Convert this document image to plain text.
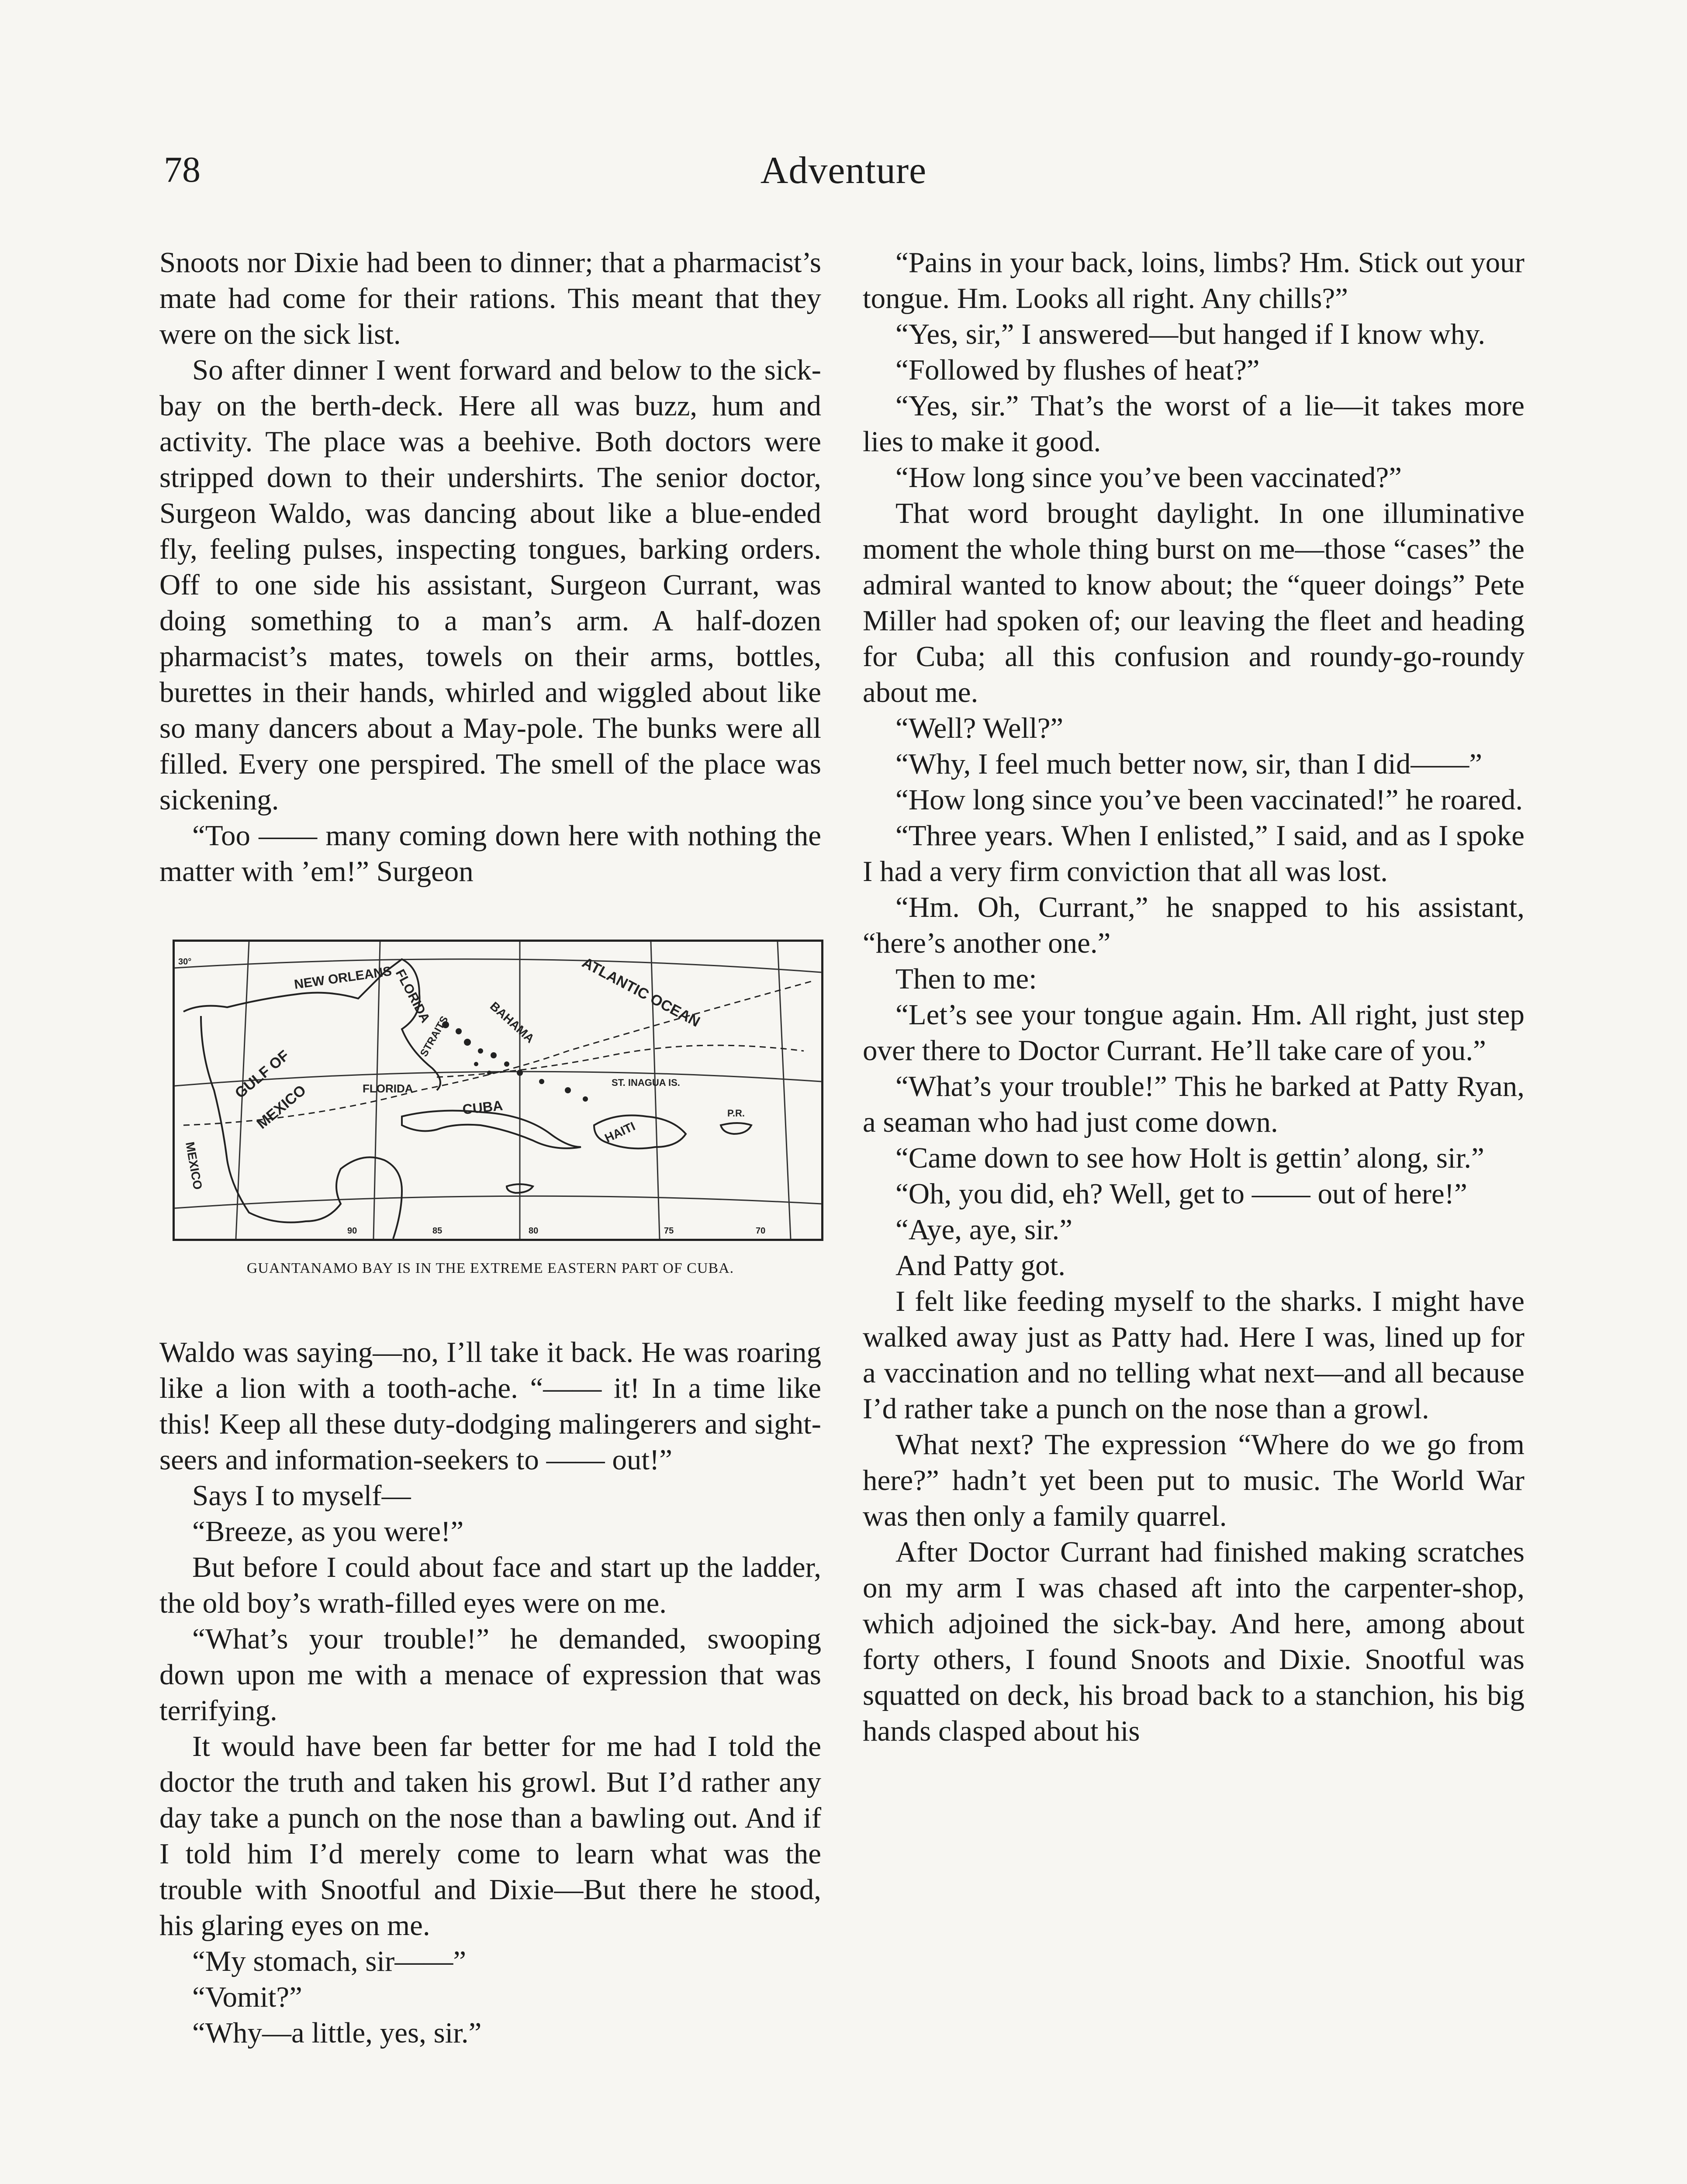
78	Adventure

Snoots nor Dixie had been to dinner; that a pharmacist’s mate had come for their rations. This meant that they were on the sick list.

So after dinner I went forward and below to the sick-bay on the berth-deck. Here all was buzz, hum and activity. The place was a beehive. Both doctors were stripped down to their undershirts. The senior doctor, Surgeon Waldo, was dancing about like a blue-ended fly, feeling pulses, inspecting tongues, barking orders. Off to one side his assistant, Surgeon Currant, was doing something to a man’s arm. A half-dozen pharmacist’s mates, towels on their arms, bottles, burettes in their hands, whirled and wiggled about like so many dancers about a May-pole. The bunks were all filled. Every one perspired. The smell of the place was sickening.

“Too —— many coming down here with nothing the matter with ’em!” Surgeon

NEW ORLEANS FLORIDA	ATLANTIC OCEAN
BAHAMA
STRAITS
GULF OF
MEXICO
MEXICO
FLORIDA
CUBA
HAITI
ST. INAGUA IS.
P.R.
30°
90	85	80	75	70
GUANTANAMO BAY IS IN THE EXTREME EASTERN PART OF CUBA.

Waldo was saying—no, I’ll take it back. He was roaring like a lion with a tooth-ache. “—— it! In a time like this! Keep all these duty-dodging malingerers and sight-seers and information-seekers to —— out!”

Says I to myself—

“Breeze, as you were!”

But before I could about face and start up the ladder, the old boy’s wrath-filled eyes were on me.

“What’s your trouble!” he demanded, swooping down upon me with a menace of expression that was terrifying.

It would have been far better for me had I told the doctor the truth and taken his growl. But I’d rather any day take a punch on the nose than a bawling out. And if I told him I’d merely come to learn what was the trouble with Snootful and Dixie—But there he stood, his glaring eyes on me.

“My stomach, sir——”

“Vomit?”

“Why—a little, yes, sir.”

“Pains in your back, loins, limbs? Hm. Stick out your tongue. Hm. Looks all right. Any chills?”

“Yes, sir,” I answered—but hanged if I know why.

“Followed by flushes of heat?”

“Yes, sir.” That’s the worst of a lie—it takes more lies to make it good.

“How long since you’ve been vaccinated?”

That word brought daylight. In one illuminative moment the whole thing burst on me—those “cases” the admiral wanted to know about; the “queer doings” Pete Miller had spoken of; our leaving the fleet and heading for Cuba; all this confusion and roundy-go-roundy about me.

“Well? Well?”

“Why, I feel much better now, sir, than I did——”

“How long since you’ve been vaccinated!” he roared.

“Three years. When I enlisted,” I said, and as I spoke I had a very firm conviction that all was lost.

“Hm. Oh, Currant,” he snapped to his assistant, “here’s another one.”

Then to me:

“Let’s see your tongue again. Hm. All right, just step over there to Doctor Currant. He’ll take care of you.”

“What’s your trouble!” This he barked at Patty Ryan, a seaman who had just come down.

“Came down to see how Holt is gettin’ along, sir.”

“Oh, you did, eh? Well, get to —— out of here!”

“Aye, aye, sir.”

And Patty got.

I felt like feeding myself to the sharks. I might have walked away just as Patty had. Here I was, lined up for a vaccination and no telling what next—and all because I’d rather take a punch on the nose than a growl.

What next? The expression “Where do we go from here?” hadn’t yet been put to music. The World War was then only a family quarrel.

After Doctor Currant had finished making scratches on my arm I was chased aft into the carpenter-shop, which adjoined the sick-bay. And here, among about forty others, I found Snoots and Dixie. Snootful was squatted on deck, his broad back to a stanchion, his big hands clasped about his
